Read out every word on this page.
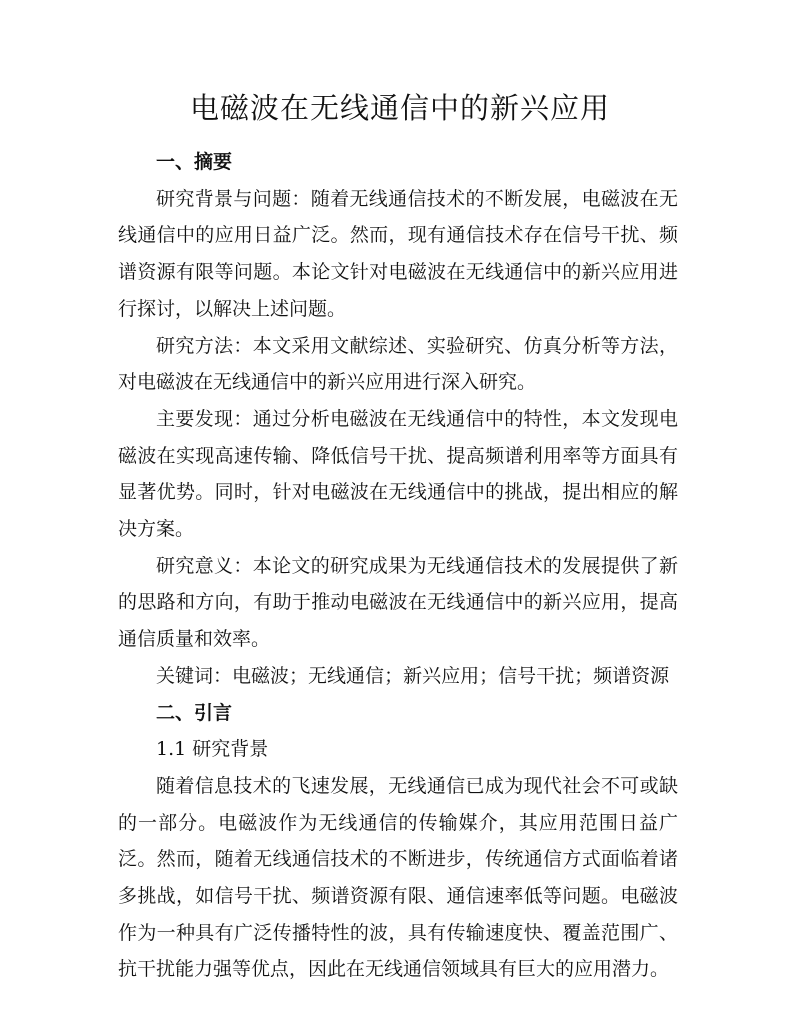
电磁波在无线通信中的新兴应用
一、摘要

研究背景与问题：随着无线通信技术的不断发展，电磁波在无线通信中的应用日益广泛。然而，现有通信技术存在信号干扰、频谱资源有限等问题。本论文针对电磁波在无线通信中的新兴应用进行探讨，以解决上述问题。

研究方法：本文采用文献综述、实验研究、仿真分析等方法，对电磁波在无线通信中的新兴应用进行深入研究。

主要发现：通过分析电磁波在无线通信中的特性，本文发现电磁波在实现高速传输、降低信号干扰、提高频谱利用率等方面具有显著优势。同时，针对电磁波在无线通信中的挑战，提出相应的解决方案。

研究意义：本论文的研究成果为无线通信技术的发展提供了新的思路和方向，有助于推动电磁波在无线通信中的新兴应用，提高通信质量和效率。

关键词：电磁波；无线通信；新兴应用；信号干扰；频谱资源

二、引言

1.1 研究背景

随着信息技术的飞速发展，无线通信已成为现代社会不可或缺的一部分。电磁波作为无线通信的传输媒介，其应用范围日益广泛。然而，随着无线通信技术的不断进步，传统通信方式面临着诸多挑战，如信号干扰、频谱资源有限、通信速率低等问题。电磁波作为一种具有广泛传播特性的波，具有传输速度快、覆盖范围广、抗干扰能力强等优点，因此在无线通信领域具有巨大的应用潜力。
